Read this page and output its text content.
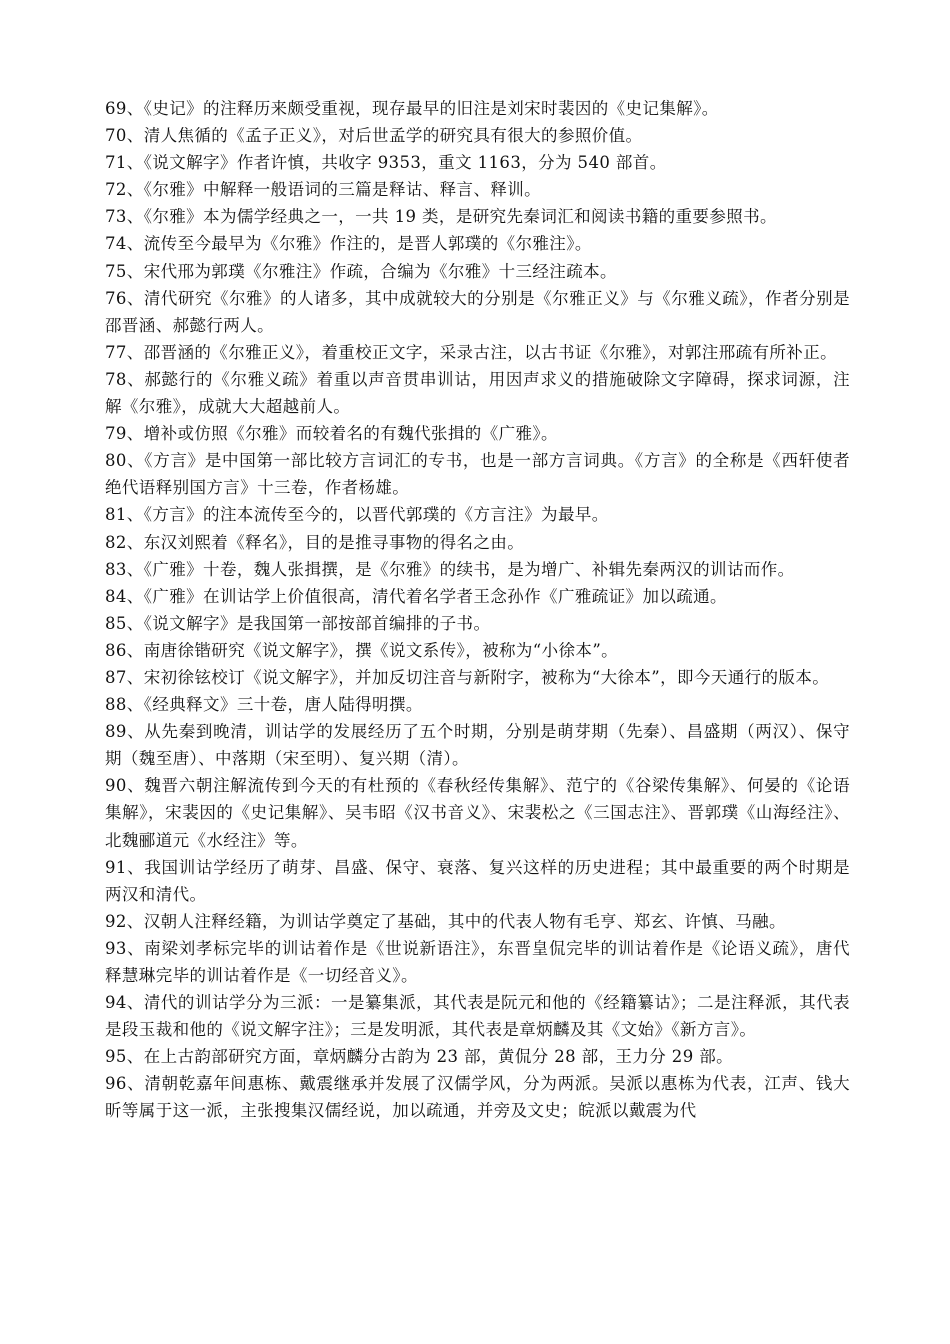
69、《史记》的注释历来颇受重视，现存最早的旧注是刘宋时裴因的《史记集解》。

70、清人焦循的《孟子正义》，对后世孟学的研究具有很大的参照价值。

71、《说文解字》作者许慎，共收字 9353，重文 1163，分为 540 部首。

72、《尔雅》中解释一般语词的三篇是释诂、释言、释训。

73、《尔雅》本为儒学经典之一，一共 19 类，是研究先秦词汇和阅读书籍的重要参照书。

74、流传至今最早为《尔雅》作注的，是晋人郭璞的《尔雅注》。

75、宋代邢为郭璞《尔雅注》作疏，合编为《尔雅》十三经注疏本。

76、清代研究《尔雅》的人诸多，其中成就较大的分别是《尔雅正义》与《尔雅义疏》，作者分别是邵晋涵、郝懿行两人。

77、邵晋涵的《尔雅正义》，着重校正文字，采录古注，以古书证《尔雅》，对郭注邢疏有所补正。

78、郝懿行的《尔雅义疏》着重以声音贯串训诂，用因声求义的措施破除文字障碍，探求词源，注解《尔雅》，成就大大超越前人。

79、增补或仿照《尔雅》而较着名的有魏代张揖的《广雅》。

80、《方言》是中国第一部比较方言词汇的专书，也是一部方言词典。《方言》的全称是《西轩使者绝代语释别国方言》十三卷，作者杨雄。

81、《方言》的注本流传至今的，以晋代郭璞的《方言注》为最早。

82、东汉刘熙着《释名》，目的是推寻事物的得名之由。

83、《广雅》十卷，魏人张揖撰，是《尔雅》的续书，是为增广、补辑先秦两汉的训诂而作。

84、《广雅》在训诂学上价值很高，清代着名学者王念孙作《广雅疏证》加以疏通。

85、《说文解字》是我国第一部按部首编排的子书。

86、南唐徐锴研究《说文解字》，撰《说文系传》，被称为“小徐本”。

87、宋初徐铉校订《说文解字》，并加反切注音与新附字，被称为“大徐本”，即今天通行的版本。

88、《经典释文》三十卷，唐人陆得明撰。

89、从先秦到晚清，训诂学的发展经历了五个时期，分别是萌芽期（先秦）、昌盛期（两汉）、保守期（魏至唐）、中落期（宋至明）、复兴期（清）。

90、魏晋六朝注解流传到今天的有杜预的《春秋经传集解》、范宁的《谷梁传集解》、何晏的《论语集解》，宋裴因的《史记集解》、吴韦昭《汉书音义》、宋裴松之《三国志注》、晋郭璞《山海经注》、北魏郦道元《水经注》等。

91、我国训诂学经历了萌芽、昌盛、保守、衰落、复兴这样的历史进程；其中最重要的两个时期是两汉和清代。

92、汉朝人注释经籍，为训诂学奠定了基础，其中的代表人物有毛亨、郑玄、许慎、马融。

93、南梁刘孝标完毕的训诂着作是《世说新语注》，东晋皇侃完毕的训诂着作是《论语义疏》，唐代释慧琳完毕的训诂着作是《一切经音义》。

94、清代的训诂学分为三派：一是纂集派，其代表是阮元和他的《经籍纂诂》；二是注释派，其代表是段玉裁和他的《说文解字注》；三是发明派，其代表是章炳麟及其《文始》《新方言》。

95、在上古韵部研究方面，章炳麟分古韵为 23 部，黄侃分 28 部，王力分 29 部。

96、清朝乾嘉年间惠栋、戴震继承并发展了汉儒学风，分为两派。吴派以惠栋为代表，江声、钱大昕等属于这一派，主张搜集汉儒经说，加以疏通，并旁及文史；皖派以戴震为代
